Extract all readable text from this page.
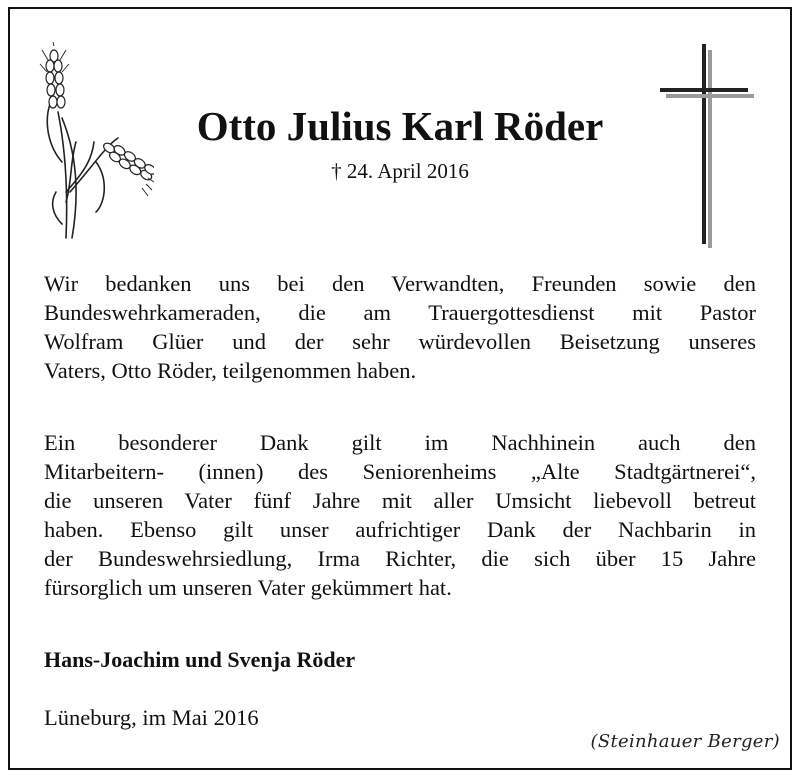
Otto Julius Karl Röder
† 24. April 2016
Wir bedanken uns bei den Verwandten, Freunden sowie den
Bundeswehrkameraden, die am Trauergottesdienst mit Pastor
Wolfram Glüer und der sehr würdevollen Beisetzung unseres
Vaters, Otto Röder, teilgenommen haben.
Ein besonderer Dank gilt im Nachhinein auch den
Mitarbeitern- (innen) des Seniorenheims „Alte Stadtgärtnerei“,
die unseren Vater fünf Jahre mit aller Umsicht liebevoll betreut
haben. Ebenso gilt unser aufrichtiger Dank der Nachbarin in
der Bundeswehrsiedlung, Irma Richter, die sich über 15 Jahre
fürsorglich um unseren Vater gekümmert hat.
Hans-Joachim und Svenja Röder
Lüneburg, im Mai 2016
(Steinhauer Berger)
